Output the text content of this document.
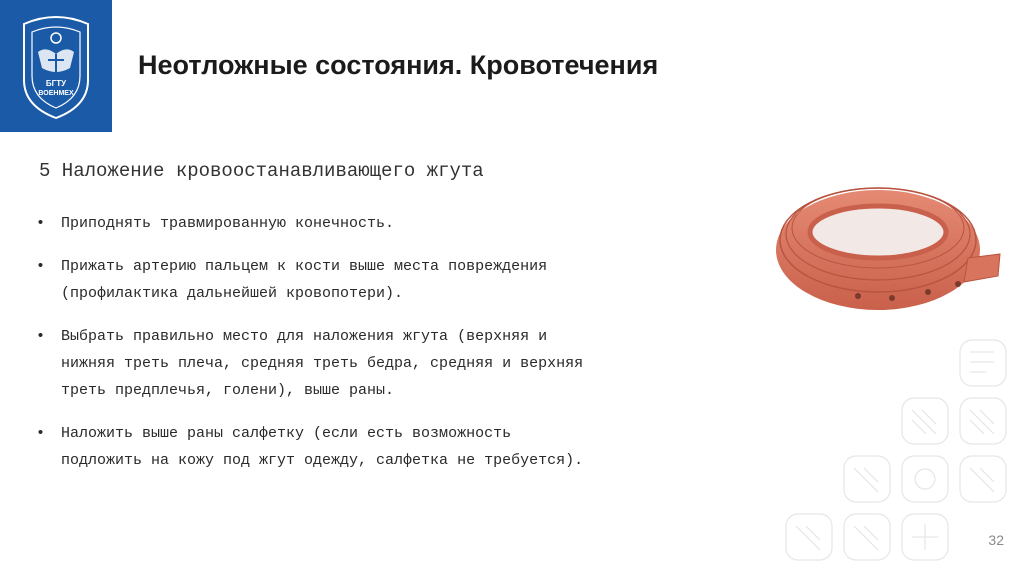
БГТУ
ВОЕНМЕХ
Неотложные состояния. Кровотечения
5 Наложение кровоостанавливающего жгута
• Приподнять травмированную конечность.
• Прижать артерию пальцем к кости выше места повреждения
(профилактика дальнейшей кровопотери).
• Выбрать правильно место для наложения жгута (верхняя и
нижняя треть плеча, средняя треть бедра, средняя и верхняя
треть предплечья, голени), выше раны.
• Наложить выше раны салфетку (если есть возможность
подложить на кожу под жгут одежду, салфетка не требуется).
32
